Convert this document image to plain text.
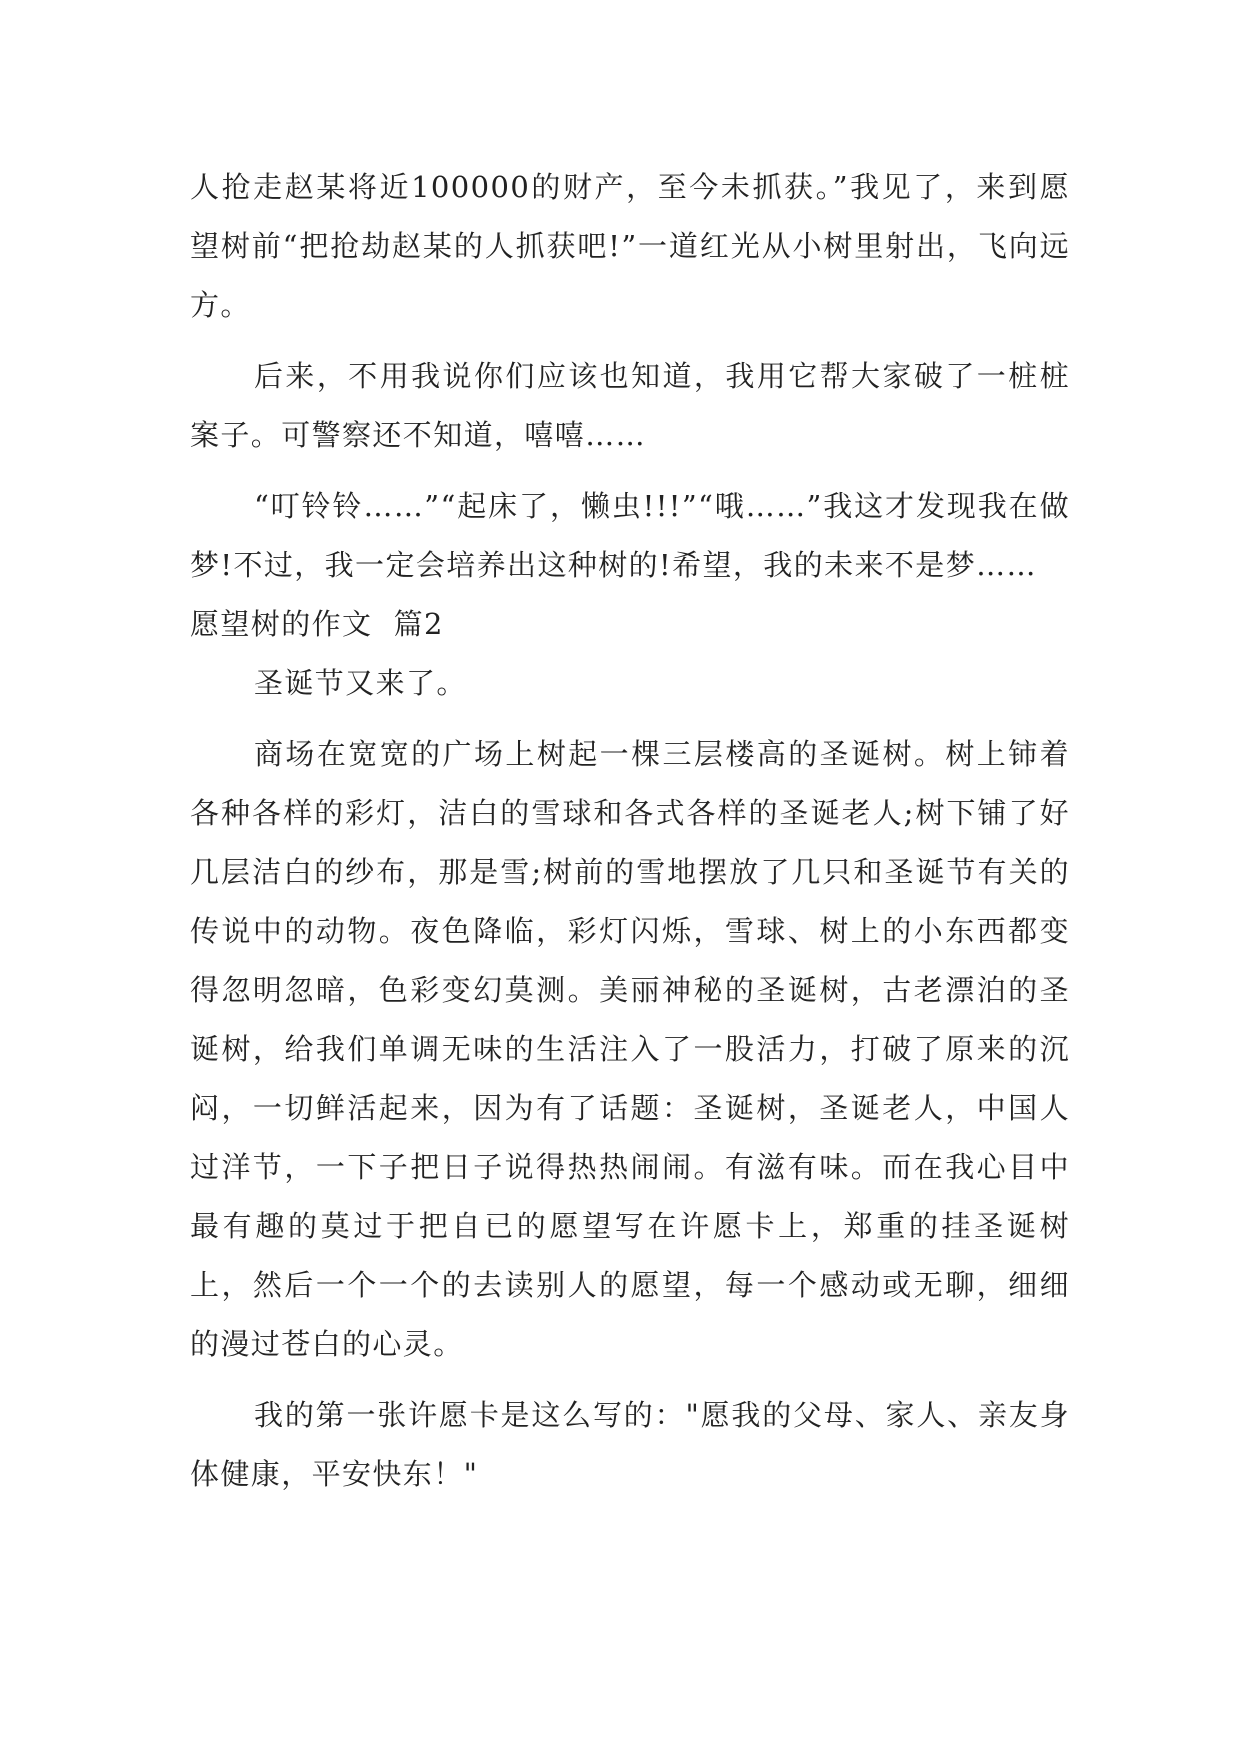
人抢走赵某将近100000的财产，至今未抓获。”我见了，来到愿望树前“把抢劫赵某的人抓获吧!”一道红光从小树里射出，飞向远方。

后来，不用我说你们应该也知道，我用它帮大家破了一桩桩案子。可警察还不知道，嘻嘻……

“叮铃铃……”“起床了，懒虫!!!”“哦……”我这才发现我在做梦!不过，我一定会培养出这种树的!希望，我的未来不是梦……

愿望树的作文  篇2

圣诞节又来了。

商场在宽宽的广场上树起一棵三层楼高的圣诞树。树上铈着各种各样的彩灯，洁白的雪球和各式各样的圣诞老人;树下铺了好几层洁白的纱布，那是雪;树前的雪地摆放了几只和圣诞节有关的传说中的动物。夜色降临，彩灯闪烁，雪球、树上的小东西都变得忽明忽暗，色彩变幻莫测。美丽神秘的圣诞树，古老漂泊的圣诞树，给我们单调无味的生活注入了一股活力，打破了原来的沉闷，一切鲜活起来，因为有了话题：圣诞树，圣诞老人，中国人过洋节，一下子把日子说得热热闹闹。有滋有味。而在我心目中最有趣的莫过于把自已的愿望写在许愿卡上，郑重的挂圣诞树上，然后一个一个的去读别人的愿望，每一个感动或无聊，细细的漫过苍白的心灵。

我的第一张许愿卡是这么写的："愿我的父母、家人、亲友身体健康，平安快东！"
